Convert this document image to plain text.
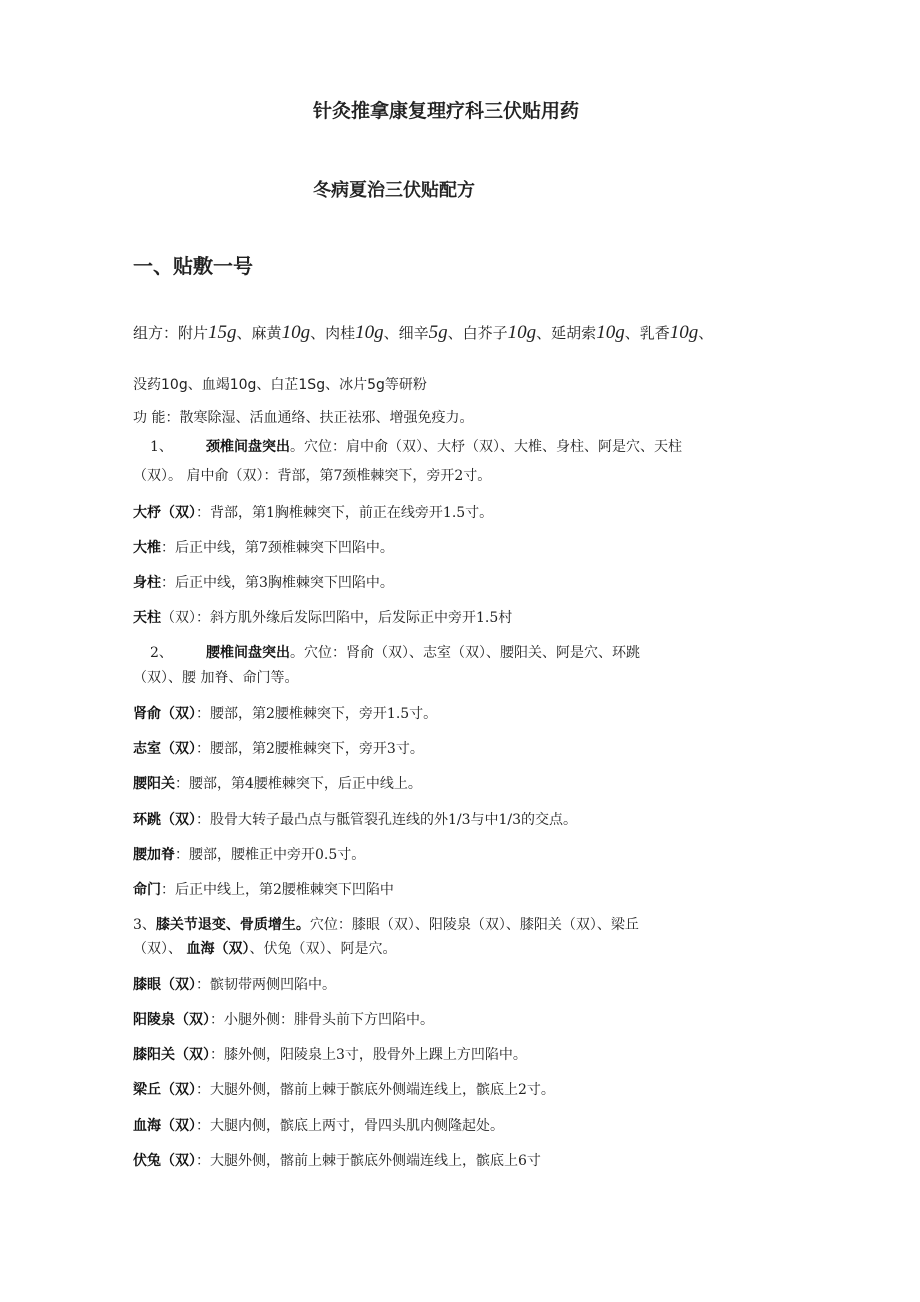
针灸推拿康复理疗科三伏贴用药
冬病夏治三伏贴配方
一、贴敷一号
组方：附片15g、麻黄10g、肉桂10g、细辛5g、白芥子10g、延胡索10g、乳香10g、
没药10g、血竭10g、白芷1Sg、冰片5g等研粉
功 能：散寒除湿、活血通络、扶正祛邪、增强免疫力。
1、 颈椎间盘突出。穴位：肩中俞（双）、大杼（双）、大椎、身柱、阿是穴、天柱
（双）。 肩中俞（双）：背部，第7颈椎棘突下，旁开2寸。
大杼（双）：背部，第1胸椎棘突下，前正在线旁开1.5寸。
大椎：后正中线，第7颈椎棘突下凹陷中。
身柱：后正中线，第3胸椎棘突下凹陷中。
天柱（双）：斜方肌外缘后发际凹陷中，后发际正中旁开1.5村
2、 腰椎间盘突出。穴位：肾俞（双）、志室（双）、腰阳关、阿是穴、环跳
（双）、腰 加脊、命门等。
肾俞（双）：腰部，第2腰椎棘突下，旁开1.5寸。
志室（双）：腰部，第2腰椎棘突下，旁开3寸。
腰阳关：腰部，第4腰椎棘突下，后正中线上。
环跳（双）：股骨大转子最凸点与骶管裂孔连线的外1/3与中1/3的交点。
腰加脊：腰部，腰椎正中旁开0.5寸。
命门：后正中线上，第2腰椎棘突下凹陷中
3、膝关节退变、骨质增生。穴位：膝眼（双）、阳陵泉（双）、膝阳关（双）、梁丘
（双）、 血海（双）、伏兔（双）、阿是穴。
膝眼（双）：髌韧带两侧凹陷中。
阳陵泉（双）：小腿外侧：腓骨头前下方凹陷中。
膝阳关（双）：膝外侧，阳陵泉上3寸，股骨外上踝上方凹陷中。
梁丘（双）：大腿外侧，髂前上棘于髌底外侧端连线上，髌底上2寸。
血海（双）：大腿内侧，髌底上两寸，骨四头肌内侧隆起处。
伏兔（双）：大腿外侧，髂前上棘于髌底外侧端连线上，髌底上6寸
